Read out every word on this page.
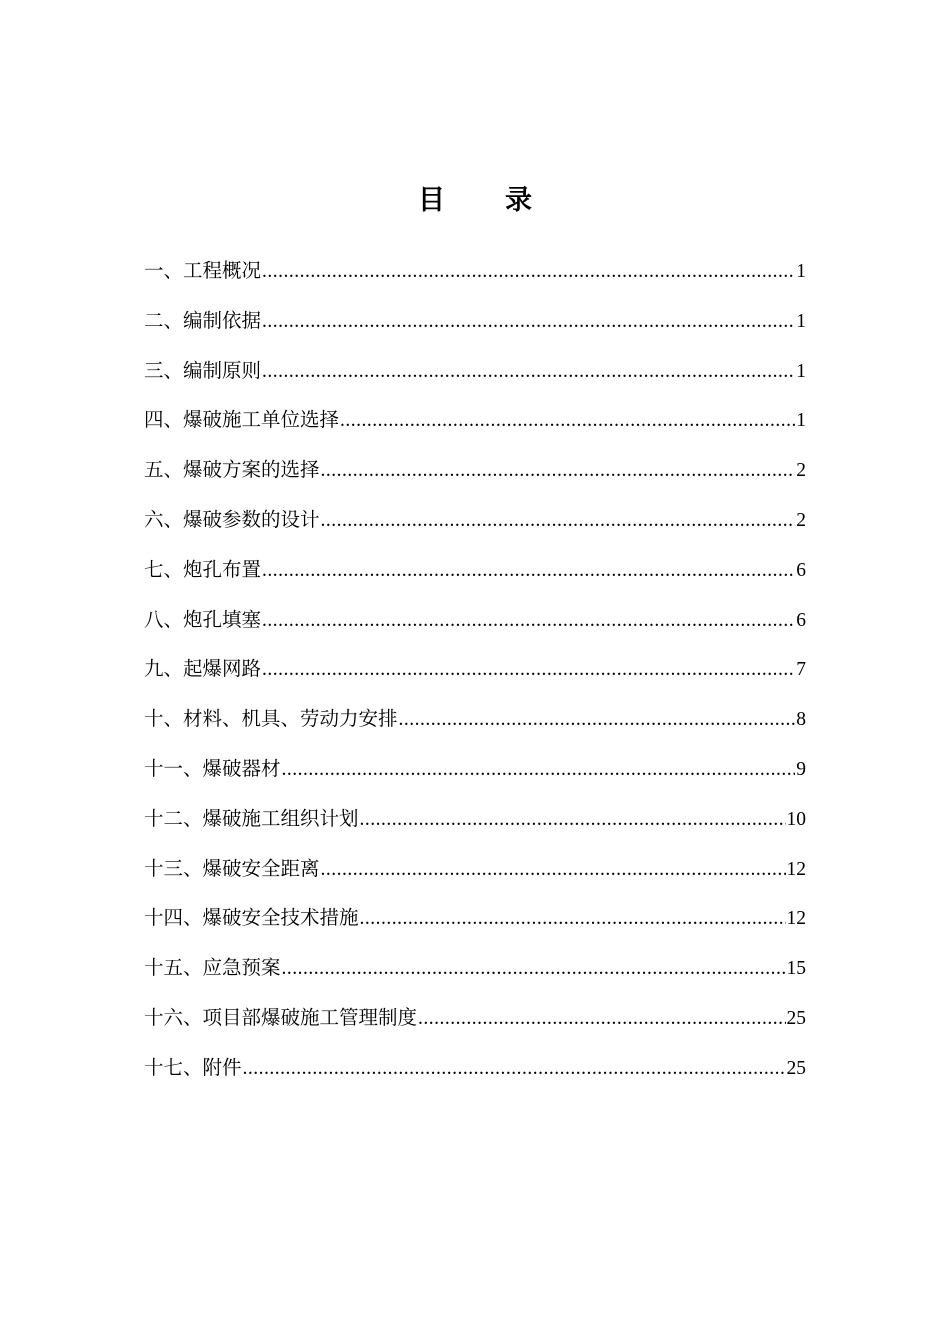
目录
一、工程概况 .....	1
二、编制依据 .....	1
三、编制原则 .....	1
四、爆破施工单位选择 .....	1
五、爆破方案的选择 .....	2
六、爆破参数的设计 .....	2
七、炮孔布置 .....	6
八、炮孔填塞 .....	6
九、起爆网路 .....	7
十、材料、机具、劳动力安排 .....	8
十一、爆破器材 .....	9
十二、爆破施工组织计划 .....	10
十三、爆破安全距离 .....	12
十四、爆破安全技术措施 .....	12
十五、应急预案 .....	15
十六、项目部爆破施工管理制度 .....	25
十七、附件 .....	25
